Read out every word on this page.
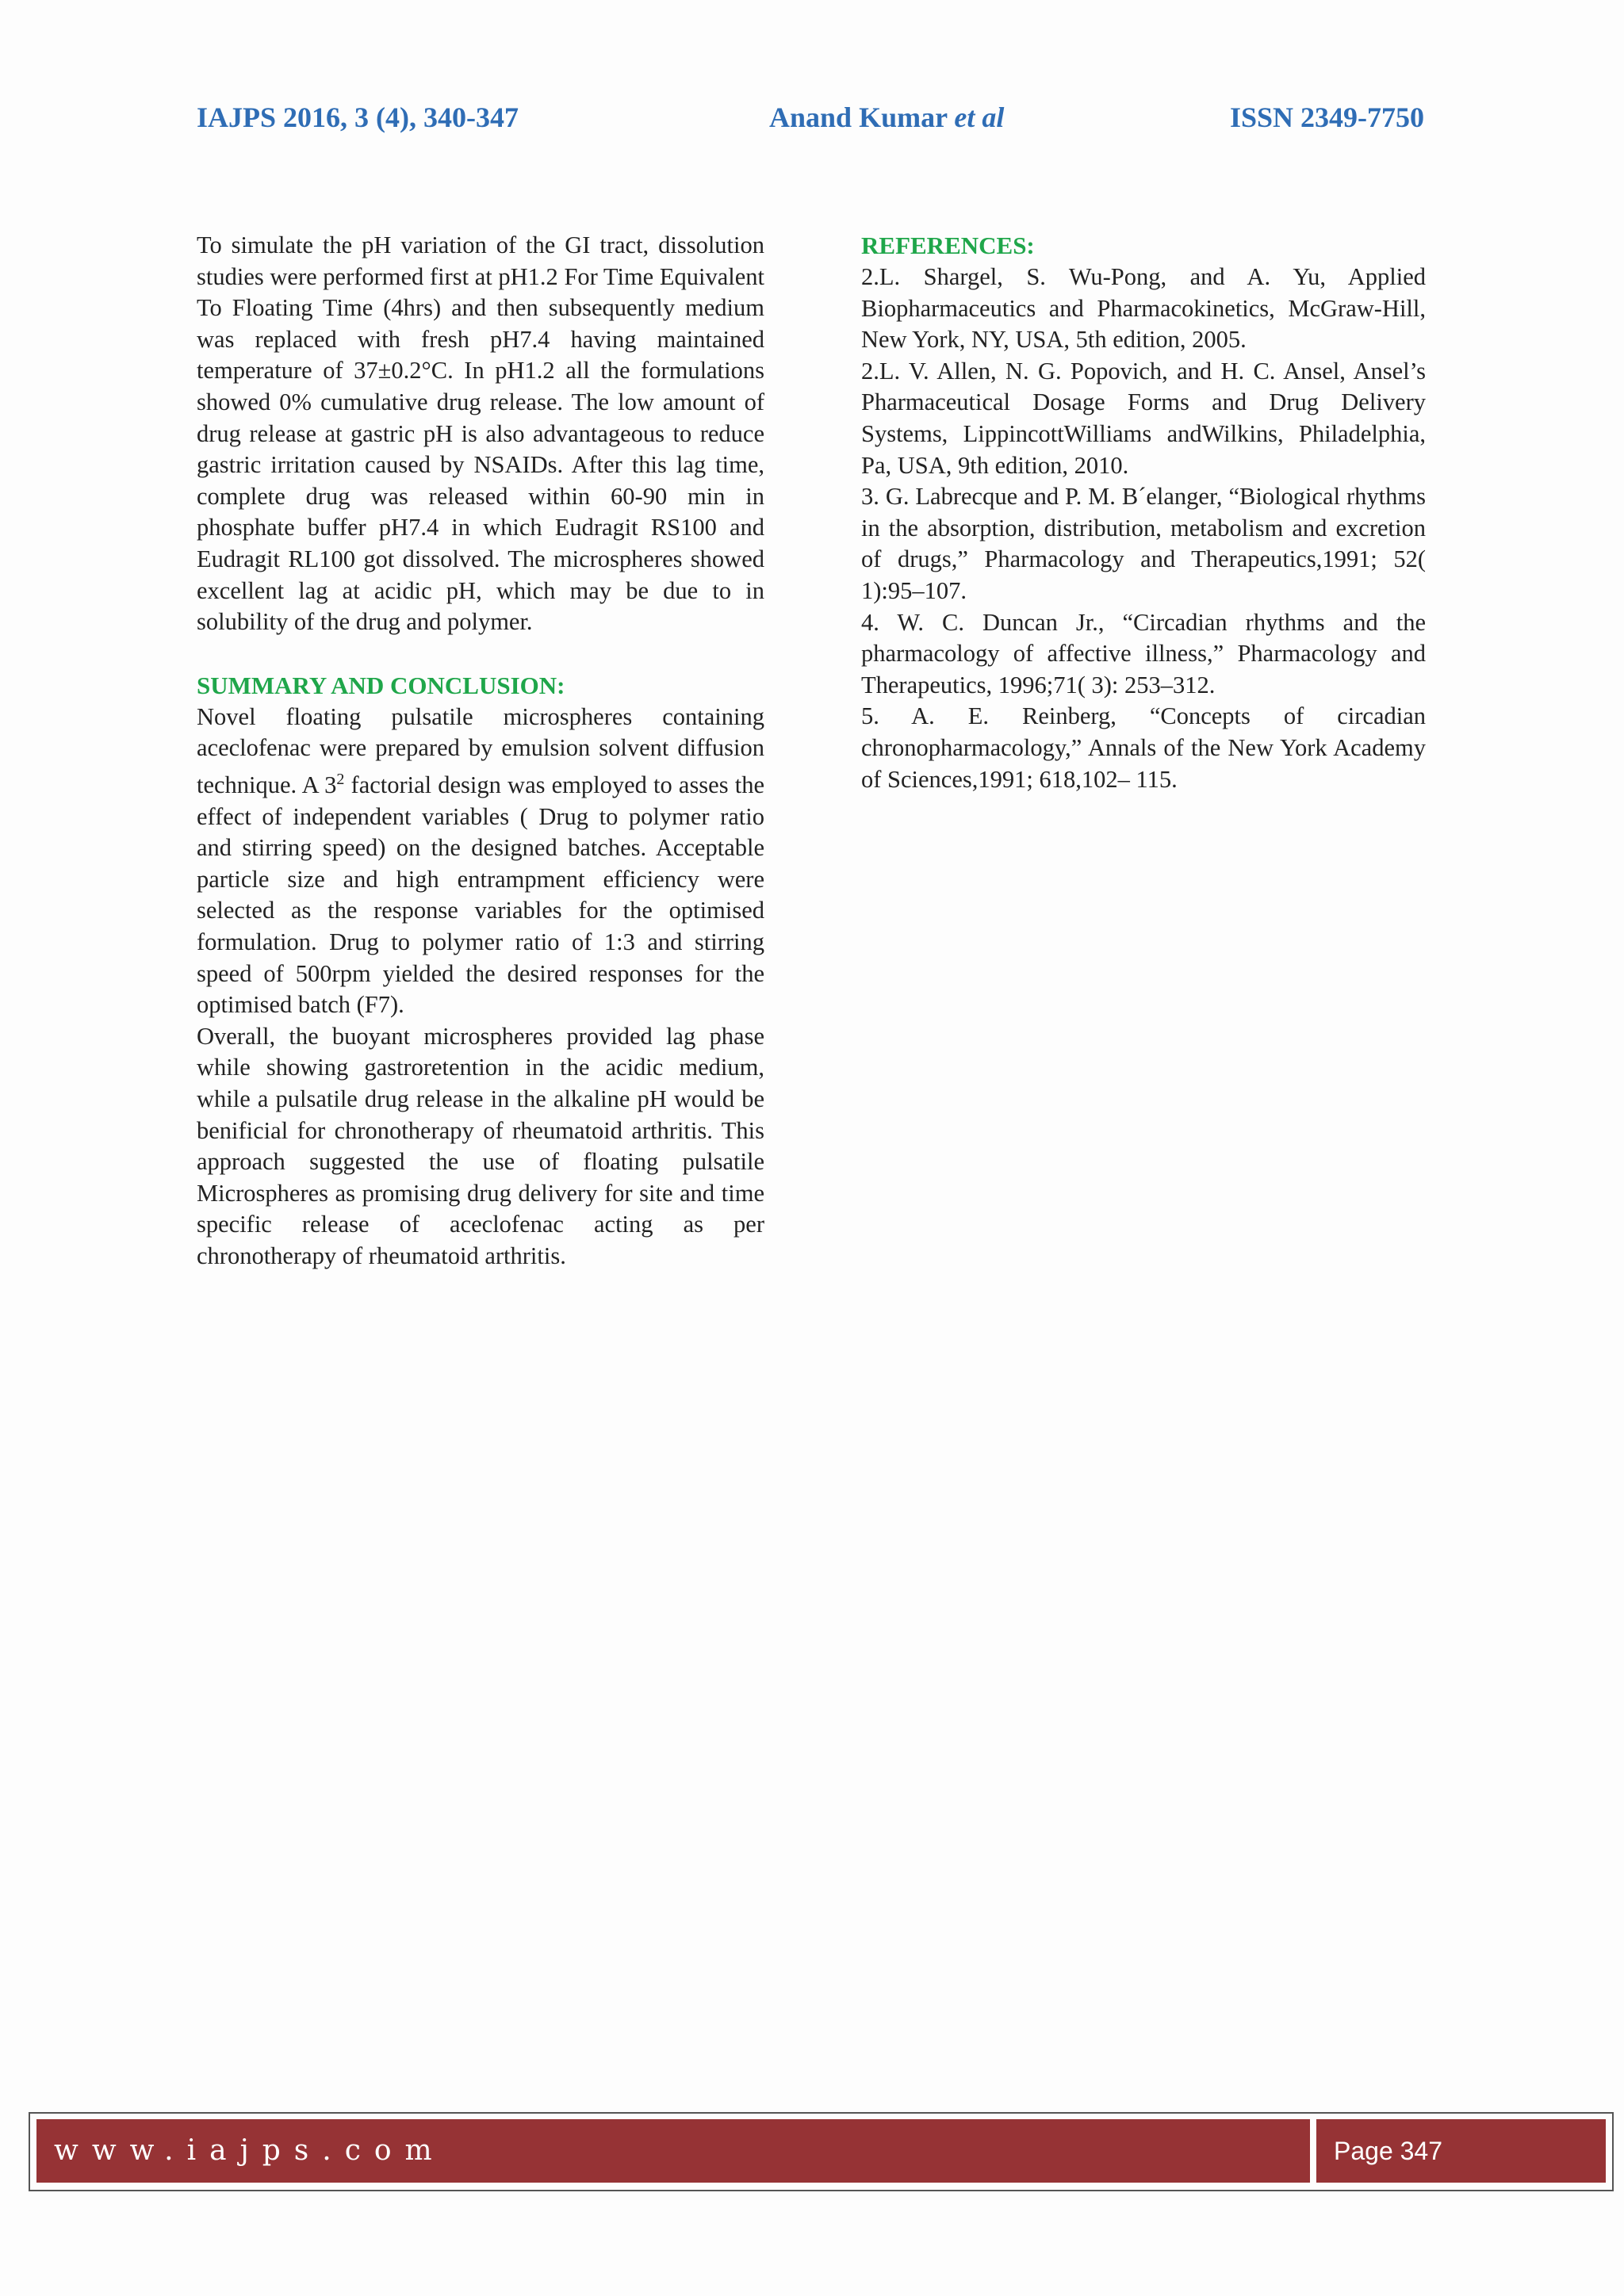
IAJPS 2016, 3 (4), 340-347	Anand Kumar et al	ISSN 2349-7750

To simulate the pH variation of the GI tract, dissolution studies were performed first at pH1.2 For Time Equivalent To Floating Time (4hrs) and then subsequently medium was replaced with fresh pH7.4 having maintained temperature of 37±0.2°C. In pH1.2 all the formulations showed 0% cumulative drug release. The low amount of drug release at gastric pH is also advantageous to reduce gastric irritation caused by NSAIDs. After this lag time, complete drug was released within 60-90 min in phosphate buffer pH7.4 in which Eudragit RS100 and Eudragit RL100 got dissolved. The microspheres showed excellent lag at acidic pH, which may be due to in solubility of the drug and polymer.

SUMMARY AND CONCLUSION:

Novel floating pulsatile microspheres containing aceclofenac were prepared by emulsion solvent diffusion technique. A $3^2$ factorial design was employed to asses the effect of independent variables ( Drug to polymer ratio and stirring speed) on the designed batches. Acceptable particle size and high entrampment efficiency were selected as the response variables for the optimised formulation. Drug to polymer ratio of 1:3 and stirring speed of 500rpm yielded the desired responses for the optimised batch (F7).

Overall, the buoyant microspheres provided lag phase while showing gastroretention in the acidic medium, while a pulsatile drug release in the alkaline pH would be benificial for chronotherapy of rheumatoid arthritis. This approach suggested the use of floating pulsatile Microspheres as promising drug delivery for site and time specific release of aceclofenac acting as per chronotherapy of rheumatoid arthritis.

REFERENCES:

2.L. Shargel, S. Wu-Pong, and A. Yu, Applied Biopharmaceutics and Pharmacokinetics, McGraw-Hill, New York, NY, USA, 5th edition, 2005.

2.L. V. Allen, N. G. Popovich, and H. C. Ansel, Ansel’s Pharmaceutical Dosage Forms and Drug Delivery Systems, LippincottWilliams andWilkins, Philadelphia, Pa, USA, 9th edition, 2010.

3. G. Labrecque and P. M. B´elanger, “Biological rhythms in the absorption, distribution, metabolism and excretion of drugs,” Pharmacology and Therapeutics,1991; 52( 1):95–107.

4. W. C. Duncan Jr., “Circadian rhythms and the pharmacology of affective illness,” Pharmacology and Therapeutics, 1996;71( 3): 253–312.

5. A. E. Reinberg, “Concepts of circadian chronopharmacology,” Annals of the New York Academy of Sciences,1991; 618,102– 115.

www.iajps.com	Page 347
